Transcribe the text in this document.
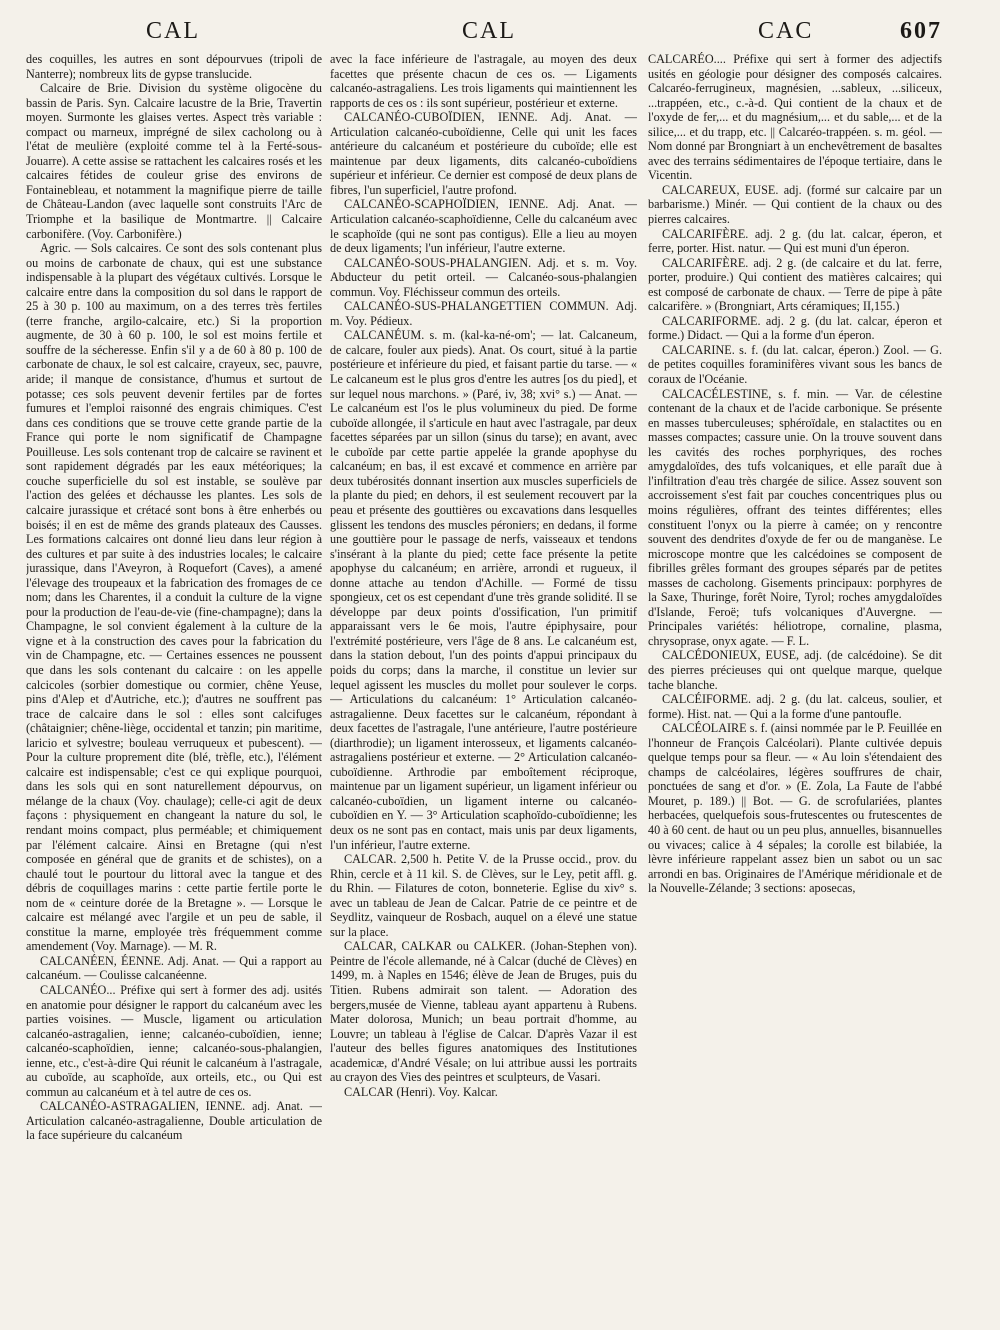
CAL	CAL	CAC	607

des coquilles, les autres en sont dépourvues (tripoli de Nanterre); nombreux lits de gypse translucide.

Calcaire de Brie. Division du système oligocène du bassin de Paris. Syn. Calcaire lacustre de la Brie, Travertin moyen. Surmonte les glaises vertes. Aspect très variable : compact ou marneux, imprégné de silex cacholong ou à l'état de meulière (exploité comme tel à la Ferté-sous-Jouarre). A cette assise se rattachent les calcaires rosés et les calcaires fétides de couleur grise des environs de Fontainebleau, et notamment la magnifique pierre de taille de Château-Landon (avec laquelle sont construits l'Arc de Triomphe et la basilique de Montmartre. || Calcaire carbonifère. (Voy. Carbonifère.)

Agric. — Sols calcaires. Ce sont des sols contenant plus ou moins de carbonate de chaux, qui est une substance indispensable à la plupart des végétaux cultivés. Lorsque le calcaire entre dans la composition du sol dans le rapport de 25 à 30 p. 100 au maximum, on a des terres très fertiles (terre franche, argilo-calcaire, etc.) Si la proportion augmente, de 30 à 60 p. 100, le sol est moins fertile et souffre de la sécheresse. Enfin s'il y a de 60 à 80 p. 100 de carbonate de chaux, le sol est calcaire, crayeux, sec, pauvre, aride; il manque de consistance, d'humus et surtout de potasse; ces sols peuvent devenir fertiles par de fortes fumures et l'emploi raisonné des engrais chimiques. C'est dans ces conditions que se trouve cette grande partie de la France qui porte le nom significatif de Champagne Pouilleuse. Les sols contenant trop de calcaire se ravinent et sont rapidement dégradés par les eaux météoriques; la couche superficielle du sol est instable, se soulève par l'action des gelées et déchausse les plantes. Les sols de calcaire jurassique et crétacé sont bons à être enherbés ou boisés; il en est de même des grands plateaux des Causses. Les formations calcaires ont donné lieu dans leur région à des cultures et par suite à des industries locales; le calcaire jurassique, dans l'Aveyron, à Roquefort (Caves), a amené l'élevage des troupeaux et la fabrication des fromages de ce nom; dans les Charentes, il a conduit la culture de la vigne pour la production de l'eau-de-vie (fine-champagne); dans la Champagne, le sol convient également à la culture de la vigne et à la construction des caves pour la fabrication du vin de Champagne, etc. — Certaines essences ne poussent que dans les sols contenant du calcaire : on les appelle calcicoles (sorbier domestique ou cormier, chêne Yeuse, pins d'Alep et d'Autriche, etc.); d'autres ne souffrent pas trace de calcaire dans le sol : elles sont calcifuges (châtaignier; chêne-liège, occidental et tanzin; pin maritime, laricio et sylvestre; bouleau verruqueux et pubescent). — Pour la culture proprement dite (blé, trèfle, etc.), l'élément calcaire est indispensable; c'est ce qui explique pourquoi, dans les sols qui en sont naturellement dépourvus, on mélange de la chaux (Voy. chaulage); celle-ci agit de deux façons : physiquement en changeant la nature du sol, le rendant moins compact, plus perméable; et chimiquement par l'élément calcaire. Ainsi en Bretagne (qui n'est composée en général que de granits et de schistes), on a chaulé tout le pourtour du littoral avec la tangue et des débris de coquillages marins : cette partie fertile porte le nom de « ceinture dorée de la Bretagne ». — Lorsque le calcaire est mélangé avec l'argile et un peu de sable, il constitue la marne, employée très fréquemment comme amendement (Voy. Marnage). — M. R.

CALCANÉEN, ÉENNE. Adj. Anat. — Qui a rapport au calcanéum. — Coulisse calcanéenne.

CALCANÉO... Préfixe qui sert à former des adj. usités en anatomie pour désigner le rapport du calcanéum avec les parties voisines. — Muscle, ligament ou articulation calcanéo-astragalien, ienne; calcanéo-cuboïdien, ienne; calcanéo-scaphoïdien, ienne; calcanéo-sous-phalangien, ienne, etc., c'est-à-dire Qui réunit le calcanéum à l'astragale, au cuboïde, au scaphoïde, aux orteils, etc., ou Qui est commun au calcanéum et à tel autre de ces os.

CALCANÉO-ASTRAGALIEN, IENNE. adj. Anat. — Articulation calcanéo-astragalienne, Double articulation de la face supérieure du calcanéum

avec la face inférieure de l'astragale, au moyen des deux facettes que présente chacun de ces os. — Ligaments calcanéo-astragaliens. Les trois ligaments qui maintiennent les rapports de ces os : ils sont supérieur, postérieur et externe.

CALCANÉO-CUBOÏDIEN, IENNE. Adj. Anat. — Articulation calcanéo-cuboïdienne, Celle qui unit les faces antérieure du calcanéum et postérieure du cuboïde; elle est maintenue par deux ligaments, dits calcanéo-cuboïdiens supérieur et inférieur. Ce dernier est composé de deux plans de fibres, l'un superficiel, l'autre profond.

CALCANÉO-SCAPHOÏDIEN, IENNE. Adj. Anat. — Articulation calcanéo-scaphoïdienne, Celle du calcanéum avec le scaphoïde (qui ne sont pas contigus). Elle a lieu au moyen de deux ligaments; l'un inférieur, l'autre externe.

CALCANÉO-SOUS-PHALANGIEN. Adj. et s. m. Voy. Abducteur du petit orteil. — Calcanéo-sous-phalangien commun. Voy. Fléchisseur commun des orteils.

CALCANÉO-SUS-PHALANGETTIEN COMMUN. Adj. m. Voy. Pédieux.

CALCANÉUM. s. m. (kal-ka-né-om'; — lat. Calcaneum, de calcare, fouler aux pieds). Anat. Os court, situé à la partie postérieure et inférieure du pied, et faisant partie du tarse. — « Le calcaneum est le plus gros d'entre les autres [os du pied], et sur lequel nous marchons. » (Paré, iv, 38; xvi° s.) — Anat. — Le calcanéum est l'os le plus volumineux du pied. De forme cuboïde allongée, il s'articule en haut avec l'astragale, par deux facettes séparées par un sillon (sinus du tarse); en avant, avec le cuboïde par cette partie appelée la grande apophyse du calcanéum; en bas, il est excavé et commence en arrière par deux tubérosités donnant insertion aux muscles superficiels de la plante du pied; en dehors, il est seulement recouvert par la peau et présente des gouttières ou excavations dans lesquelles glissent les tendons des muscles péroniers; en dedans, il forme une gouttière pour le passage de nerfs, vaisseaux et tendons s'insérant à la plante du pied; cette face présente la petite apophyse du calcanéum; en arrière, arrondi et rugueux, il donne attache au tendon d'Achille. — Formé de tissu spongieux, cet os est cependant d'une très grande solidité. Il se développe par deux points d'ossification, l'un primitif apparaissant vers le 6e mois, l'autre épiphysaire, pour l'extrémité postérieure, vers l'âge de 8 ans. Le calcanéum est, dans la station debout, l'un des points d'appui principaux du poids du corps; dans la marche, il constitue un levier sur lequel agissent les muscles du mollet pour soulever le corps. — Articulations du calcanéum: 1° Articulation calcanéo-astragalienne. Deux facettes sur le calcanéum, répondant à deux facettes de l'astragale, l'une antérieure, l'autre postérieure (diarthrodie); un ligament interosseux, et ligaments calcanéo-astragaliens postérieur et externe. — 2° Articulation calcanéo-cuboïdienne. Arthrodie par emboîtement réciproque, maintenue par un ligament supérieur, un ligament inférieur ou calcanéo-cuboïdien, un ligament interne ou calcanéo-cuboïdien en Y. — 3° Articulation scaphoïdo-cuboïdienne; les deux os ne sont pas en contact, mais unis par deux ligaments, l'un inférieur, l'autre externe.

CALCAR. 2,500 h. Petite V. de la Prusse occid., prov. du Rhin, cercle et à 11 kil. S. de Clèves, sur le Ley, petit affl. g. du Rhin. — Filatures de coton, bonneterie. Eglise du xiv° s. avec un tableau de Jean de Calcar. Patrie de ce peintre et de Seydlitz, vainqueur de Rosbach, auquel on a élevé une statue sur la place.

CALCAR, CALKAR ou CALKER. (Johan-Stephen von). Peintre de l'école allemande, né à Calcar (duché de Clèves) en 1499, m. à Naples en 1546; élève de Jean de Bruges, puis du Titien. Rubens admirait son talent. — Adoration des bergers,musée de Vienne, tableau ayant appartenu à Rubens. Mater dolorosa, Munich; un beau portrait d'homme, au Louvre; un tableau à l'église de Calcar. D'après Vazar il est l'auteur des belles figures anatomiques des Institutiones academicæ, d'André Vésale; on lui attribue aussi les portraits au crayon des Vies des peintres et sculpteurs, de Vasari.

CALCAR (Henri). Voy. Kalcar.

CALCARÉO.... Préfixe qui sert à former des adjectifs usités en géologie pour désigner des composés calcaires. Calcaréo-ferrugineux, magnésien, ...sableux, ...siliceux, ...trappéen, etc., c.-à-d. Qui contient de la chaux et de l'oxyde de fer,... et du magnésium,... et du sable,... et de la silice,... et du trapp, etc. || Calcaréo-trappéen. s. m. géol. — Nom donné par Brongniart à un enchevêtrement de basaltes avec des terrains sédimentaires de l'époque tertiaire, dans le Vicentin.

CALCAREUX, EUSE. adj. (formé sur calcaire par un barbarisme.) Minér. — Qui contient de la chaux ou des pierres calcaires.

CALCARIFÈRE. adj. 2 g. (du lat. calcar, éperon, et ferre, porter. Hist. natur. — Qui est muni d'un éperon.

CALCARIFÈRE. adj. 2 g. (de calcaire et du lat. ferre, porter, produire.) Qui contient des matières calcaires; qui est composé de carbonate de chaux. — Terre de pipe à pâte calcarifère. » (Brongniart, Arts céramiques; II,155.)

CALCARIFORME. adj. 2 g. (du lat. calcar, éperon et forme.) Didact. — Qui a la forme d'un éperon.

CALCARINE. s. f. (du lat. calcar, éperon.) Zool. — G. de petites coquilles foraminifères vivant sous les bancs de coraux de l'Océanie.

CALCACÉLESTINE, s. f. min. — Var. de célestine contenant de la chaux et de l'acide carbonique. Se présente en masses tuberculeuses; sphéroïdale, en stalactites ou en masses compactes; cassure unie. On la trouve souvent dans les cavités des roches porphyriques, des roches amygdaloïdes, des tufs volcaniques, et elle paraît due à l'infiltration d'eau très chargée de silice. Assez souvent son accroissement s'est fait par couches concentriques plus ou moins régulières, offrant des teintes différentes; elles constituent l'onyx ou la pierre à camée; on y rencontre souvent des dendrites d'oxyde de fer ou de manganèse. Le microscope montre que les calcédoines se composent de fibrilles grêles formant des groupes séparés par de petites masses de cacholong. Gisements principaux: porphyres de la Saxe, Thuringe, forêt Noire, Tyrol; roches amygdaloïdes d'Islande, Feroë; tufs volcaniques d'Auvergne. — Principales variétés: héliotrope, cornaline, plasma, chrysoprase, onyx agate. — F. L.

CALCÉDONIEUX, EUSE, adj. (de calcédoine). Se dit des pierres précieuses qui ont quelque marque, quelque tache blanche.

CALCÉIFORME. adj. 2 g. (du lat. calceus, soulier, et forme). Hist. nat. — Qui a la forme d'une pantoufle.

CALCÉOLAIRE s. f. (ainsi nommée par le P. Feuillée en l'honneur de François Calcéolari). Plante cultivée depuis quelque temps pour sa fleur. — « Au loin s'étendaient des champs de calcéolaires, légères souffrures de chair, ponctuées de sang et d'or. » (E. Zola, La Faute de l'abbé Mouret, p. 189.) || Bot. — G. de scrofulariées, plantes herbacées, quelquefois sous-frutescentes ou frutescentes de 40 à 60 cent. de haut ou un peu plus, annuelles, bisannuelles ou vivaces; calice à 4 sépales; la corolle est bilabiée, la lèvre inférieure rappelant assez bien un sabot ou un sac arrondi en bas. Originaires de l'Amérique méridionale et de la Nouvelle-Zélande; 3 sections: aposecas,
